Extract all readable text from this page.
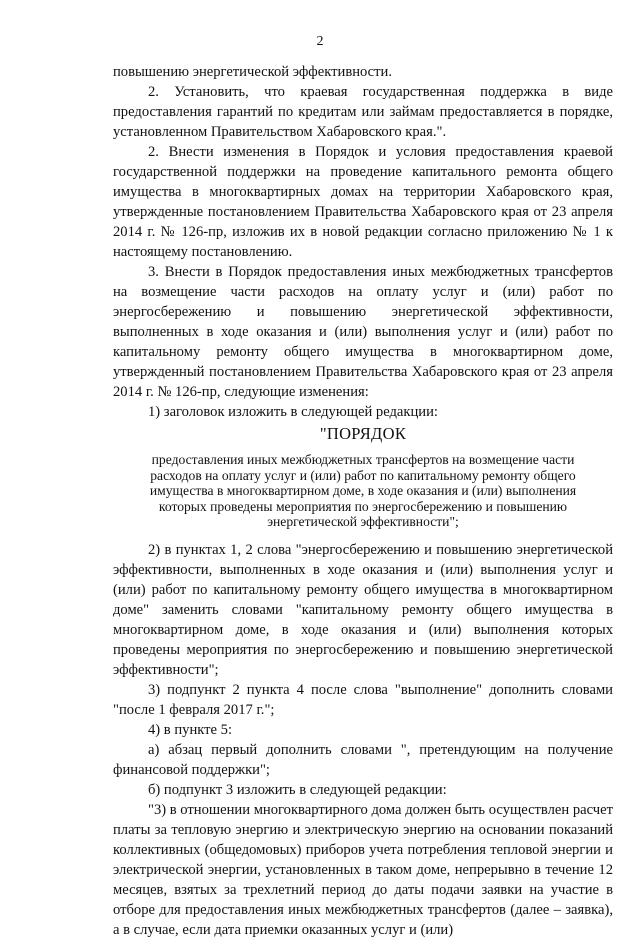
2

повышению энергетической эффективности.

2. Установить, что краевая государственная поддержка в виде предоставления гарантий по кредитам или займам предоставляется в порядке, установленном Правительством Хабаровского края.".

2. Внести изменения в Порядок и условия предоставления краевой государственной поддержки на проведение капитального ремонта общего имущества в многоквартирных домах на территории Хабаровского края, утвержденные постановлением Правительства Хабаровского края от 23 апреля 2014 г. № 126-пр, изложив их в новой редакции согласно приложению № 1 к настоящему постановлению.

3. Внести в Порядок предоставления иных межбюджетных трансфертов на возмещение части расходов на оплату услуг и (или) работ по энергосбережению и повышению энергетической эффективности, выполненных в ходе оказания и (или) выполнения услуг и (или) работ по капитальному ремонту общего имущества в многоквартирном доме, утвержденный постановлением Правительства Хабаровского края от 23 апреля 2014 г. № 126-пр, следующие изменения:

1) заголовок изложить в следующей редакции:

"ПОРЯДОК

предоставления иных межбюджетных трансфертов на возмещение части расходов на оплату услуг и (или) работ по капитальному ремонту общего имущества в многоквартирном доме, в ходе оказания и (или) выполнения которых проведены мероприятия по энергосбережению и повышению энергетической эффективности";

2) в пунктах 1, 2 слова "энергосбережению и повышению энергетической эффективности, выполненных в ходе оказания и (или) выполнения услуг и (или) работ по капитальному ремонту общего имущества в многоквартирном доме" заменить словами "капитальному ремонту общего имущества в многоквартирном доме, в ходе оказания и (или) выполнения которых проведены мероприятия по энергосбережению и повышению энергетической эффективности";

3) подпункт 2 пункта 4 после слова "выполнение" дополнить словами "после 1 февраля 2017 г.";

4) в пункте 5:

а) абзац первый дополнить словами ", претендующим на получение финансовой поддержки";

б) подпункт 3 изложить в следующей редакции:

"3) в отношении многоквартирного дома должен быть осуществлен расчет платы за тепловую энергию и электрическую энергию на основании показаний коллективных (общедомовых) приборов учета потребления тепловой энергии и электрической энергии, установленных в таком доме, непрерывно в течение 12 месяцев, взятых за трехлетний период до даты подачи заявки на участие в отборе для предоставления иных межбюджетных трансфертов (далее – заявка), а в случае, если дата приемки оказанных услуг и (или)
